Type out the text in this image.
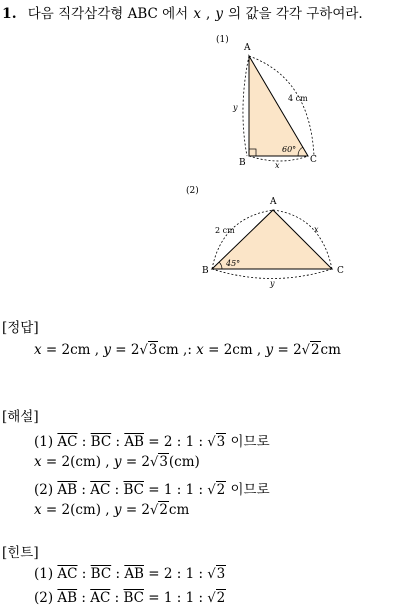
1. 다음 직각삼각형 ABC 에서 x , y 의 값을 각각 구하여라.
(1)
A
B	C
4 cm
y
x
60°
(2)
A
B	C
2 cm	x
y
45°
[정답]
x = 2cm , y = 2√3cm ,: x = 2cm , y = 2√2cm
[해설]
(1) $\overline{AC}$ : $\overline{BC}$ : $\overline{AB} = 2$ : 1 : √3 이므로
x = 2(cm) , y = 2√3(cm)
(2) $\overline{AB}$ : $\overline{AC}$ : $\overline{BC} = 1$ : 1 : √2 이므로
x = 2(cm) , y = 2√2cm
[힌트]
(1) $\overline{AC}$ : $\overline{BC}$ : $\overline{AB} = 2$ : 1 : √3
(2) $\overline{AB}$ : $\overline{AC}$ : $\overline{BC} = 1$ : 1 : √2
